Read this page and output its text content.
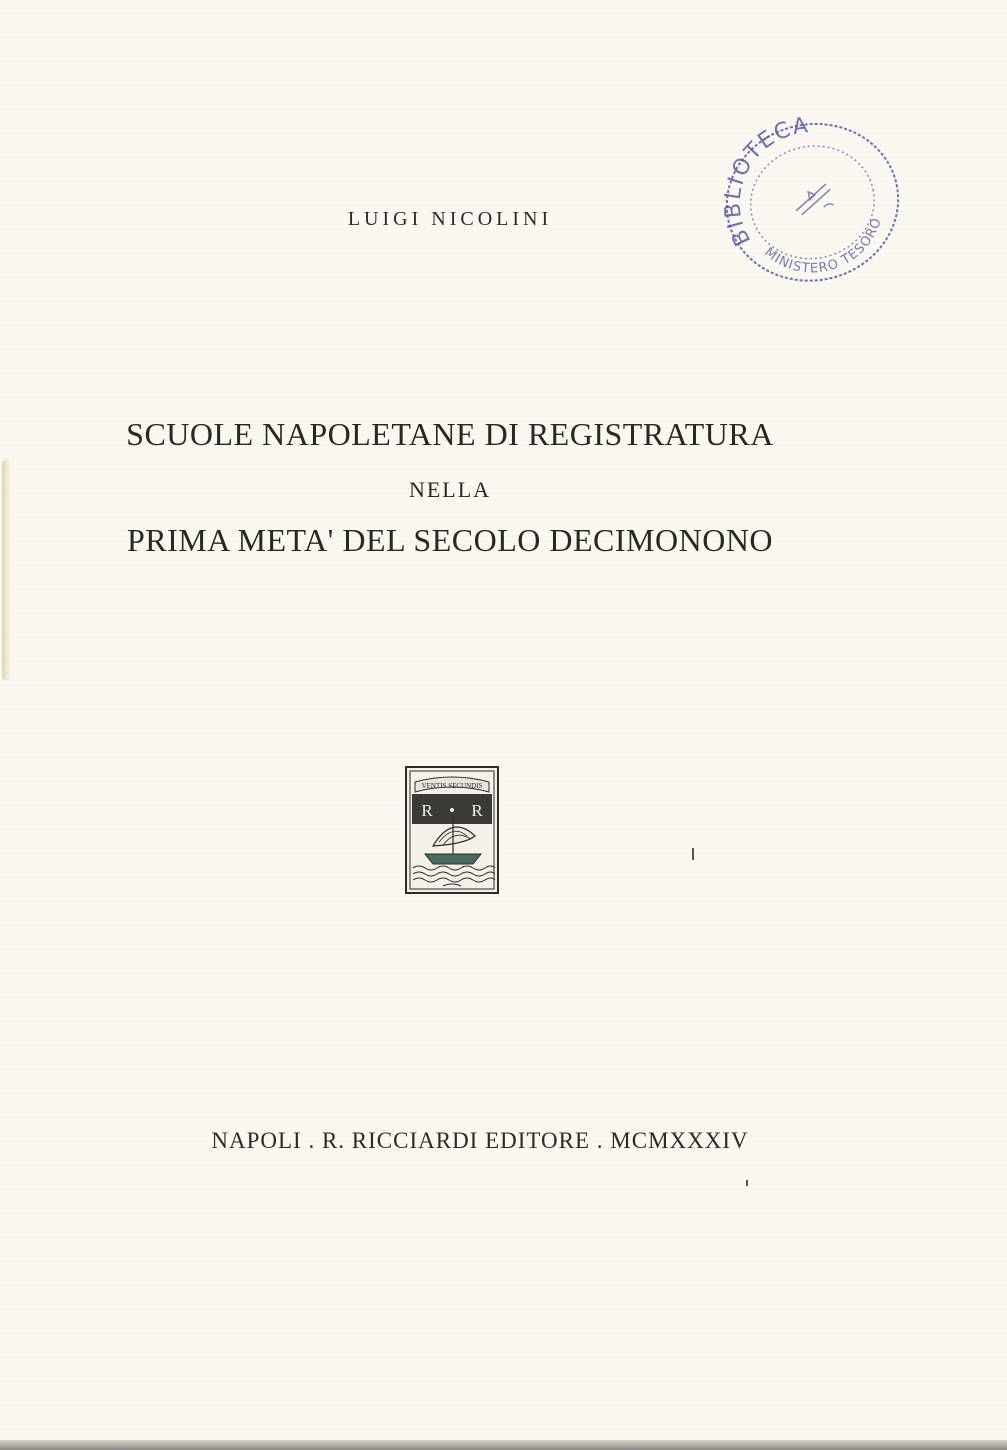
LUIGI NICOLINI
SCUOLE NAPOLETANE DI REGISTRATURA
NELLA
PRIMA META' DEL SECOLO DECIMONONO
BIBLIOTECA
MINISTERO TESORO
VENTIS SECUNDIS
R R
NAPOLI . R. RICCIARDI EDITORE . MCMXXXIV
